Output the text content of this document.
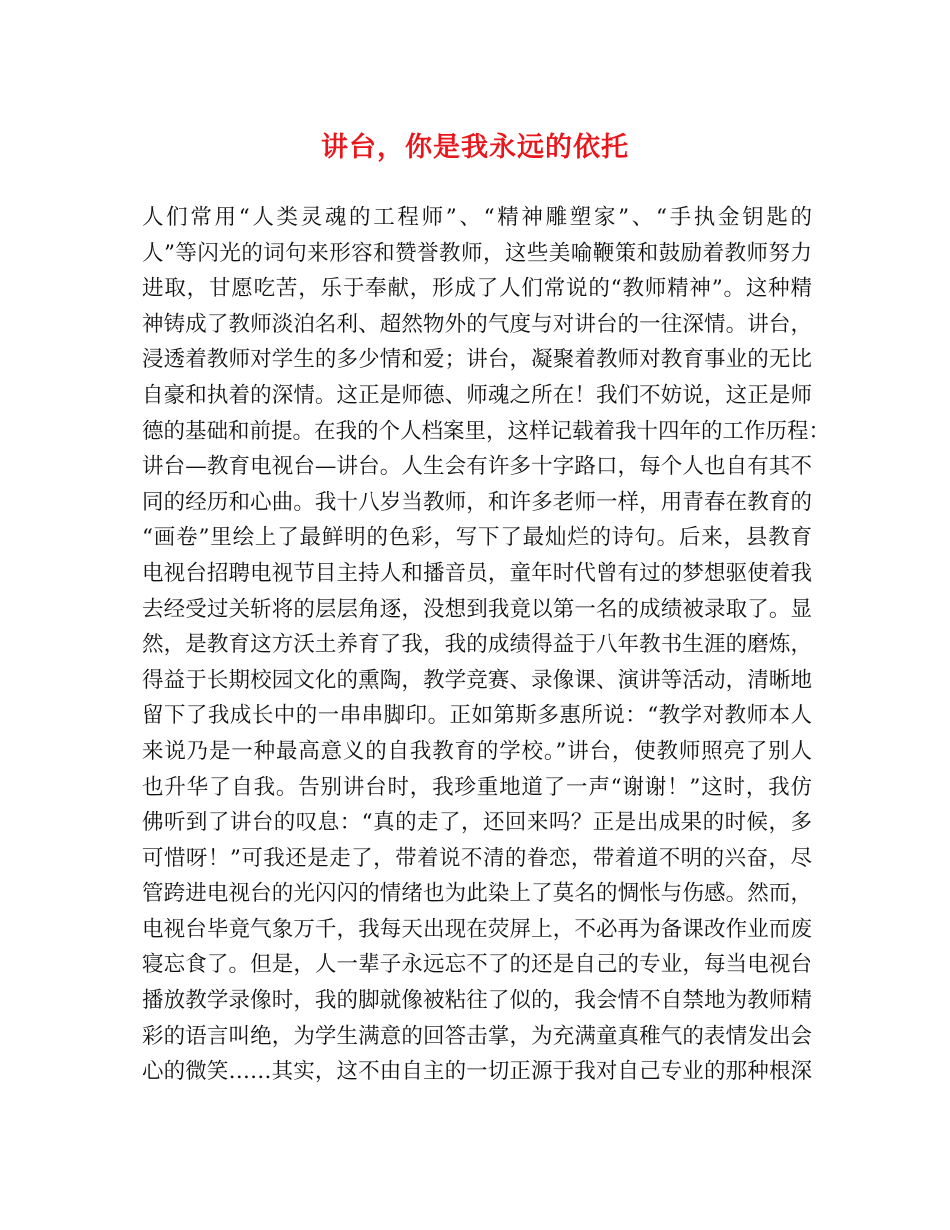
讲台，你是我永远的依托
人们常用“人类灵魂的工程师”、“精神雕塑家”、“手执金钥匙的
人”等闪光的词句来形容和赞誉教师，这些美喻鞭策和鼓励着教师努力
进取，甘愿吃苦，乐于奉献，形成了人们常说的“教师精神”。这种精
神铸成了教师淡泊名利、超然物外的气度与对讲台的一往深情。讲台，
浸透着教师对学生的多少情和爱；讲台，凝聚着教师对教育事业的无比
自豪和执着的深情。这正是师德、师魂之所在！我们不妨说，这正是师
德的基础和前提。在我的个人档案里，这样记载着我十四年的工作历程：
讲台—教育电视台—讲台。人生会有许多十字路口，每个人也自有其不
同的经历和心曲。我十八岁当教师，和许多老师一样，用青春在教育的
“画卷”里绘上了最鲜明的色彩，写下了最灿烂的诗句。后来，县教育
电视台招聘电视节目主持人和播音员，童年时代曾有过的梦想驱使着我
去经受过关斩将的层层角逐，没想到我竟以第一名的成绩被录取了。显
然，是教育这方沃土养育了我，我的成绩得益于八年教书生涯的磨炼，
得益于长期校园文化的熏陶，教学竞赛、录像课、演讲等活动，清晰地
留下了我成长中的一串串脚印。正如第斯多惠所说：“教学对教师本人
来说乃是一种最高意义的自我教育的学校。”讲台，使教师照亮了别人
也升华了自我。告别讲台时，我珍重地道了一声“谢谢！”这时，我仿
佛听到了讲台的叹息：“真的走了，还回来吗？正是出成果的时候，多
可惜呀！”可我还是走了，带着说不清的眷恋，带着道不明的兴奋，尽
管跨进电视台的光闪闪的情绪也为此染上了莫名的惆怅与伤感。然而，
电视台毕竟气象万千，我每天出现在荧屏上，不必再为备课改作业而废
寝忘食了。但是，人一辈子永远忘不了的还是自己的专业，每当电视台
播放教学录像时，我的脚就像被粘往了似的，我会情不自禁地为教师精
彩的语言叫绝，为学生满意的回答击掌，为充满童真稚气的表情发出会
心的微笑……其实，这不由自主的一切正源于我对自己专业的那种根深
